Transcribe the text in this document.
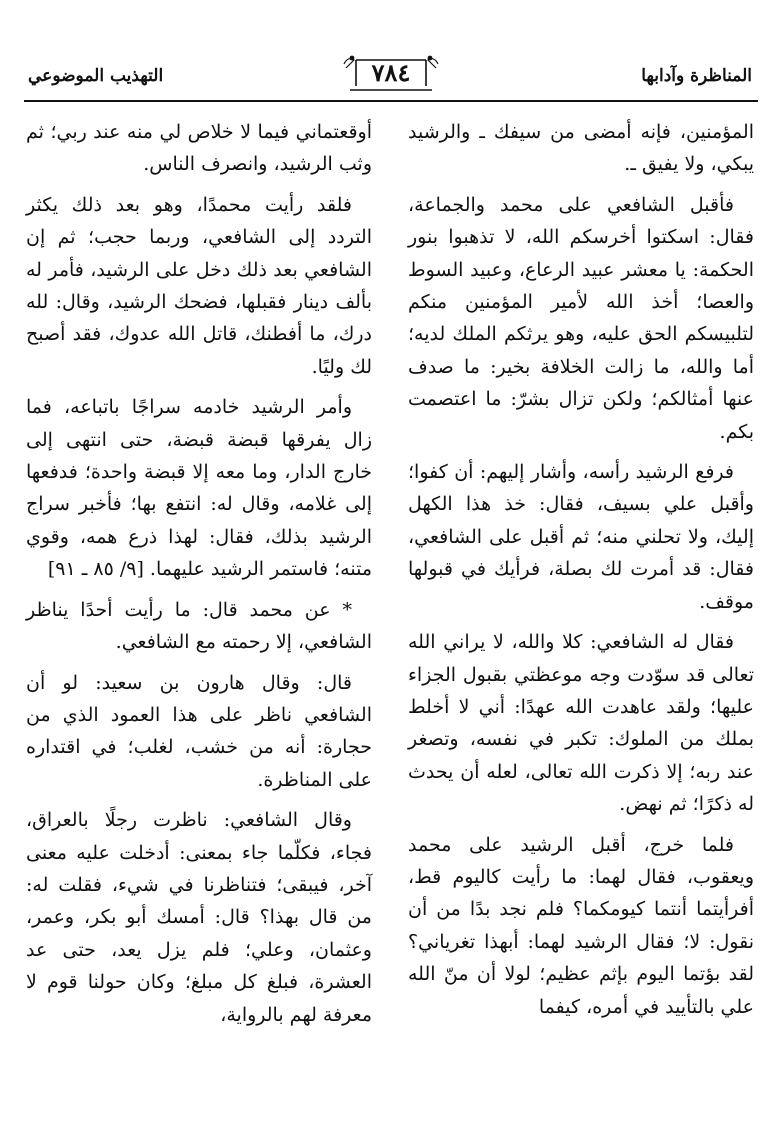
المناظرة وآدابها
٧٨٤
التهذيب الموضوعي

المؤمنين، فإنه أمضى من سيفك ـ والرشيد يبكي، ولا يفيق ـ.

فأقبل الشافعي على محمد والجماعة، فقال: اسكتوا أخرسكم الله، لا تذهبوا بنور الحكمة: يا معشر عبيد الرعاع، وعبيد السوط والعصا؛ أخذ الله لأمير المؤمنين منكم لتلبيسكم الحق عليه، وهو يرثكم الملك لديه؛ أما والله، ما زالت الخلافة بخير: ما صدف عنها أمثالكم؛ ولكن تزال بشرّ: ما اعتصمت بكم.

فرفع الرشيد رأسه، وأشار إليهم: أن كفوا؛ وأقبل علي بسيف، فقال: خذ هذا الكهل إليك، ولا تحلني منه؛ ثم أقبل على الشافعي، فقال: قد أمرت لك بصلة، فرأيك في قبولها موقف.

فقال له الشافعي: كلا والله، لا يراني الله تعالى قد سوّدت وجه موعظتي بقبول الجزاء عليها؛ ولقد عاهدت الله عهدًا: أني لا أخلط بملك من الملوك: تكبر في نفسه، وتصغر عند ربه؛ إلا ذكرت الله تعالى، لعله أن يحدث له ذكرًا؛ ثم نهض.

فلما خرج، أقبل الرشيد على محمد ويعقوب، فقال لهما: ما رأيت كاليوم قط، أفرأيتما أنتما كيومكما؟ فلم نجد بدًا من أن نقول: لا؛ فقال الرشيد لهما: أبهذا تغرياني؟ لقد بؤتما اليوم بإثم عظيم؛ لولا أن منّ الله علي بالتأييد في أمره، كيفما

أوقعتماني فيما لا خلاص لي منه عند ربي؛ ثم وثب الرشيد، وانصرف الناس.

فلقد رأيت محمدًا، وهو بعد ذلك يكثر التردد إلى الشافعي، وربما حجب؛ ثم إن الشافعي بعد ذلك دخل على الرشيد، فأمر له بألف دينار فقبلها، فضحك الرشيد، وقال: لله درك، ما أفطنك، قاتل الله عدوك، فقد أصبح لك وليًا.

وأمر الرشيد خادمه سراجًا باتباعه، فما زال يفرقها قبضة قبضة، حتى انتهى إلى خارج الدار، وما معه إلا قبضة واحدة؛ فدفعها إلى غلامه، وقال له: انتفع بها؛ فأخبر سراج الرشيد بذلك، فقال: لهذا ذرع همه، وقوي متنه؛ فاستمر الرشيد عليهما. [٩/ ٨٥ ـ ٩١]

* عن محمد قال: ما رأيت أحدًا يناظر الشافعي، إلا رحمته مع الشافعي.

قال: وقال هارون بن سعيد: لو أن الشافعي ناظر على هذا العمود الذي من حجارة: أنه من خشب، لغلب؛ في اقتداره على المناظرة.

وقال الشافعي: ناظرت رجلًا بالعراق، فجاء، فكلّما جاء بمعنى: أدخلت عليه معنى آخر، فيبقى؛ فتناظرنا في شيء، فقلت له: من قال بهذا؟ قال: أمسك أبو بكر، وعمر، وعثمان، وعلي؛ فلم يزل يعد، حتى عد العشرة، فبلغ كل مبلغ؛ وكان حولنا قوم لا معرفة لهم بالرواية،
